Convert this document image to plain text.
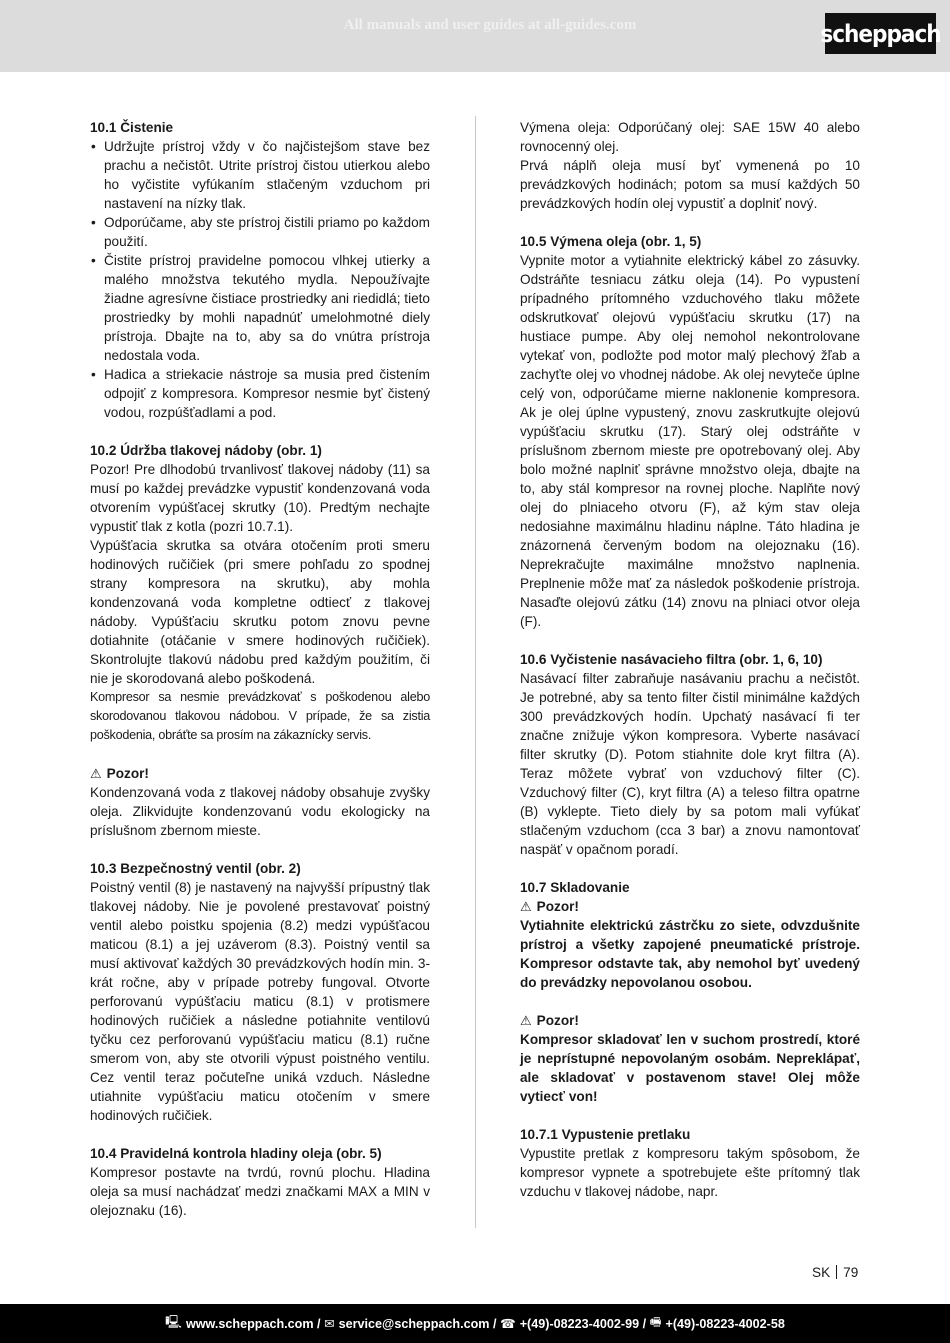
All manuals and user guides at all-guides.com	scheppach
10.1 Čistenie
• Udržujte prístroj vždy v čo najčistejšom stave bez prachu a nečistôt. Utrite prístroj čistou utierkou alebo ho vyčistite vyfúkaním stlačeným vzduchom pri nastavení na nízky tlak.
• Odporúčame, aby ste prístroj čistili priamo po každom použití.
• Čistite prístroj pravidelne pomocou vlhkej utierky a malého množstva tekutého mydla. Nepoužívajte žiadne agresívne čistiace prostriedky ani riedidlá; tieto prostriedky by mohli napadnúť umelohmotné diely prístroja. Dbajte na to, aby sa do vnútra prístroja nedostala voda.
• Hadica a striekacie nástroje sa musia pred čistením odpojiť z kompresora. Kompresor nesmie byť čistený vodou, rozpúšťadlami a pod.
10.2 Údržba tlakovej nádoby (obr. 1)

Pozor! Pre dlhodobú trvanlivosť tlakovej nádoby (11) sa musí po každej prevádzke vypustiť kondenzovaná voda otvorením vypúšťacej skrutky (10). Predtým nechajte vypustiť tlak z kotla (pozri 10.7.1).

Vypúšťacia skrutka sa otvára otočením proti smeru hodinových ručičiek (pri smere pohľadu zo spodnej strany kompresora na skrutku), aby mohla kondenzovaná voda kompletne odtiecť z tlakovej nádoby. Vypúšťaciu skrutku potom znovu pevne dotiahnite (otáčanie v smere hodinových ručičiek). Skontrolujte tlakovú nádobu pred každým použitím, či nie je skorodovaná alebo poškodená.

Kompresor sa nesmie prevádzkovať s poškodenou alebo skorodovanou tlakovou nádobou. V prípade, že sa zistia poškodenia, obráťte sa prosím na zákaznícky servis.

⚠ Pozor!

Kondenzovaná voda z tlakovej nádoby obsahuje zvyšky oleja. Zlikvidujte kondenzovanú vodu ekologicky na príslušnom zbernom mieste.

10.3 Bezpečnostný ventil (obr. 2)

Poistný ventil (8) je nastavený na najvyšší prípustný tlak tlakovej nádoby. Nie je povolené prestavovať poistný ventil alebo poistku spojenia (8.2) medzi vypúšťacou maticou (8.1) a jej uzáverom (8.3). Poistný ventil sa musí aktivovať každých 30 prevádzkových hodín min. 3-krát ročne, aby v prípade potreby fungoval. Otvorte perforovanú vypúšťaciu maticu (8.1) v protismere hodinových ručičiek a následne potiahnite ventilovú tyčku cez perforovanú vypúšťaciu maticu (8.1) ručne smerom von, aby ste otvorili výpust poistného ventilu. Cez ventil teraz počuteľne uniká vzduch. Následne utiahnite vypúšťaciu maticu otočením v smere hodinových ručičiek.

10.4 Pravidelná kontrola hladiny oleja (obr. 5)

Kompresor postavte na tvrdú, rovnú plochu. Hladina oleja sa musí nachádzať medzi značkami MAX a MIN v olejoznaku (16).

Výmena oleja: Odporúčaný olej: SAE 15W 40 alebo rovnocenný olej.

Prvá náplň oleja musí byť vymenená po 10 prevádzkových hodinách; potom sa musí každých 50 prevádzkových hodín olej vypustiť a doplniť nový.

10.5 Výmena oleja (obr. 1, 5)

Vypnite motor a vytiahnite elektrický kábel zo zásuvky. Odstráňte tesniacu zátku oleja (14). Po vypustení prípadného prítomného vzduchového tlaku môžete odskrutkovať olejovú vypúšťaciu skrutku (17) na hustiace pumpe. Aby olej nemohol nekontrolovane vytekať von, podložte pod motor malý plechový žľab a zachyťte olej vo vhodnej nádobe. Ak olej nevyteče úplne celý von, odporúčame mierne naklonenie kompresora. Ak je olej úplne vypustený, znovu zaskrutkujte olejovú vypúšťaciu skrutku (17). Starý olej odstráňte v príslušnom zbernom mieste pre opotrebovaný olej. Aby bolo možné naplniť správne množstvo oleja, dbajte na to, aby stál kompresor na rovnej ploche. Naplňte nový olej do plniaceho otvoru (F), až kým stav oleja nedosiahne maximálnu hladinu náplne. Táto hladina je znázornená červeným bodom na olejoznaku (16). Neprekračujte maximálne množstvo naplnenia. Preplnenie môže mať za následok poškodenie prístroja. Nasaďte olejovú zátku (14) znovu na plniaci otvor oleja (F).

10.6 Vyčistenie nasávacieho filtra (obr. 1, 6, 10)

Nasávací filter zabraňuje nasávaniu prachu a nečistôt. Je potrebné, aby sa tento filter čistil minimálne každých 300 prevádzkových hodín. Upchatý nasávací fi ter značne znižuje výkon kompresora. Vyberte nasávací filter skrutky (D). Potom stiahnite dole kryt filtra (A). Teraz môžete vybrať von vzduchový filter (C). Vzduchový filter (C), kryt filtra (A) a teleso filtra opatrne (B) vyklepte. Tieto diely by sa potom mali vyfúkať stlačeným vzduchom (cca 3 bar) a znovu namontovať naspäť v opačnom poradí.

10.7 Skladovanie
⚠ Pozor!

Vytiahnite elektrickú zástrčku zo siete, odvzdušnite prístroj a všetky zapojené pneumatické prístroje. Kompresor odstavte tak, aby nemohol byť uvedený do prevádzky nepovolanou osobou.

⚠ Pozor!

Kompresor skladovať len v suchom prostredí, ktoré je neprístupné nepovolaným osobám. Nepreklápať, ale skladovať v postavenom stave! Olej môže vytiecť von!

10.7.1 Vypustenie pretlaku

Vypustite pretlak z kompresoru takým spôsobom, že kompresor vypnete a spotrebujete ešte prítomný tlak vzduchu v tlakovej nádobe, napr.

SK 79
🖳 www.scheppach.com /
✉ service@scheppach.com /
☎ +(49)-08223-4002-99 /
🖷 +(49)-08223-4002-58
